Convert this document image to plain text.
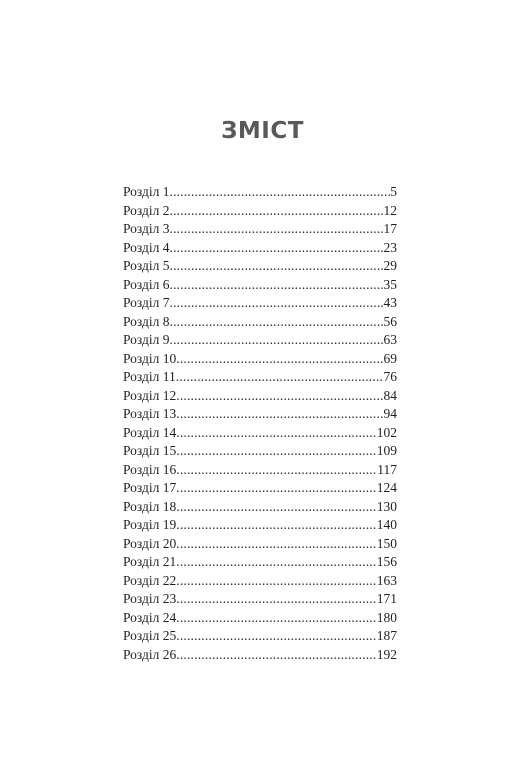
ЗМІСТ
Розділ 1 .....	5
Розділ 2 .....	12
Розділ 3 .....	17
Розділ 4 .....	23
Розділ 5 .....	29
Розділ 6 .....	35
Розділ 7 .....	43
Розділ 8 .....	56
Розділ 9 .....	63
Розділ 10 .....	69
Розділ 11 .....	76
Розділ 12 .....	84
Розділ 13 .....	94
Розділ 14 .....	102
Розділ 15 .....	109
Розділ 16 .....	117
Розділ 17 .....	124
Розділ 18 .....	130
Розділ 19 .....	140
Розділ 20 .....	150
Розділ 21 .....	156
Розділ 22 .....	163
Розділ 23 .....	171
Розділ 24 .....	180
Розділ 25 .....	187
Розділ 26 .....	192
